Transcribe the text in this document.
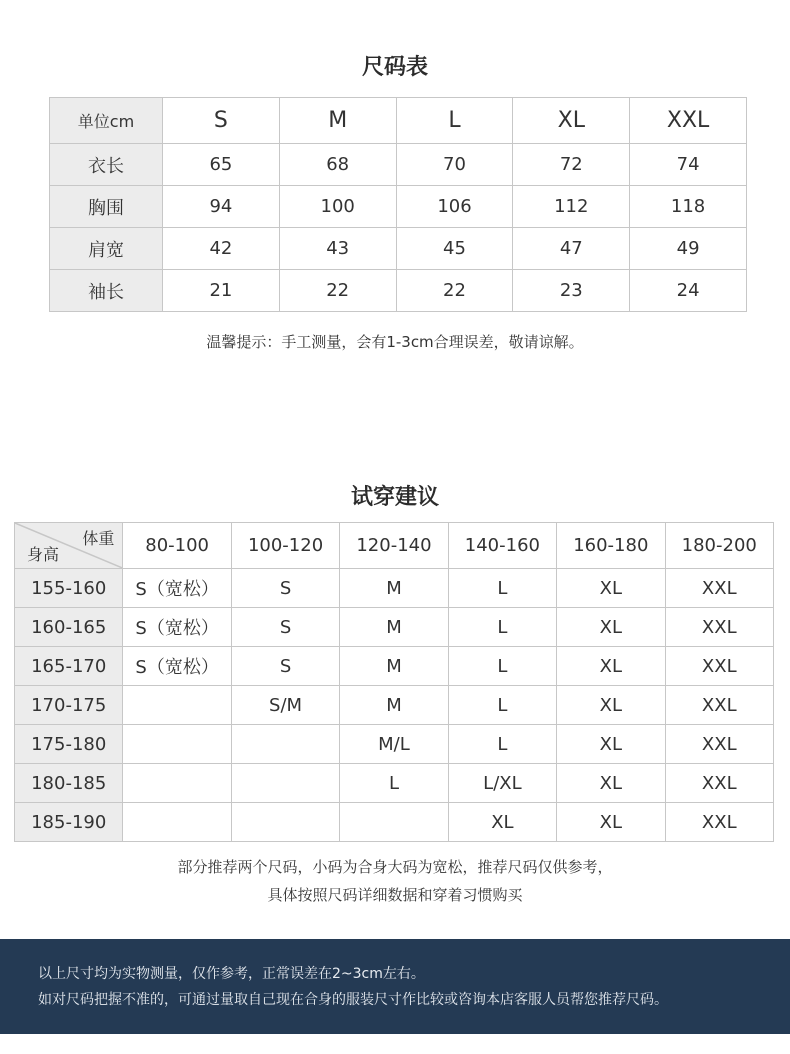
尺码表
单位cm	S	M	L	XL	XXL
衣长	65	68	70	72	74
胸围	94	100	106	112	118
肩宽	42	43	45	47	49
袖长	21	22	22	23	24
温馨提示：手工测量，会有1-3cm合理误差，敬请谅解。
试穿建议
体重
身高	80-100	100-120	120-140	140-160	160-180	180-200
155-160	S（宽松）	S	M	L	XL	XXL
160-165	S（宽松）	S	M	L	XL	XXL
165-170	S（宽松）	S	M	L	XL	XXL
170-175		S/M	M	L	XL	XXL
175-180			M/L	L	XL	XXL
180-185			L	L/XL	XL	XXL
185-190				XL	XL	XXL
部分推荐两个尺码，小码为合身大码为宽松，推荐尺码仅供参考，
具体按照尺码详细数据和穿着习惯购买
以上尺寸均为实物测量，仅作参考，正常误差在2~3cm左右。
如对尺码把握不准的，可通过量取自己现在合身的服装尺寸作比较或咨询本店客服人员帮您推荐尺码。
